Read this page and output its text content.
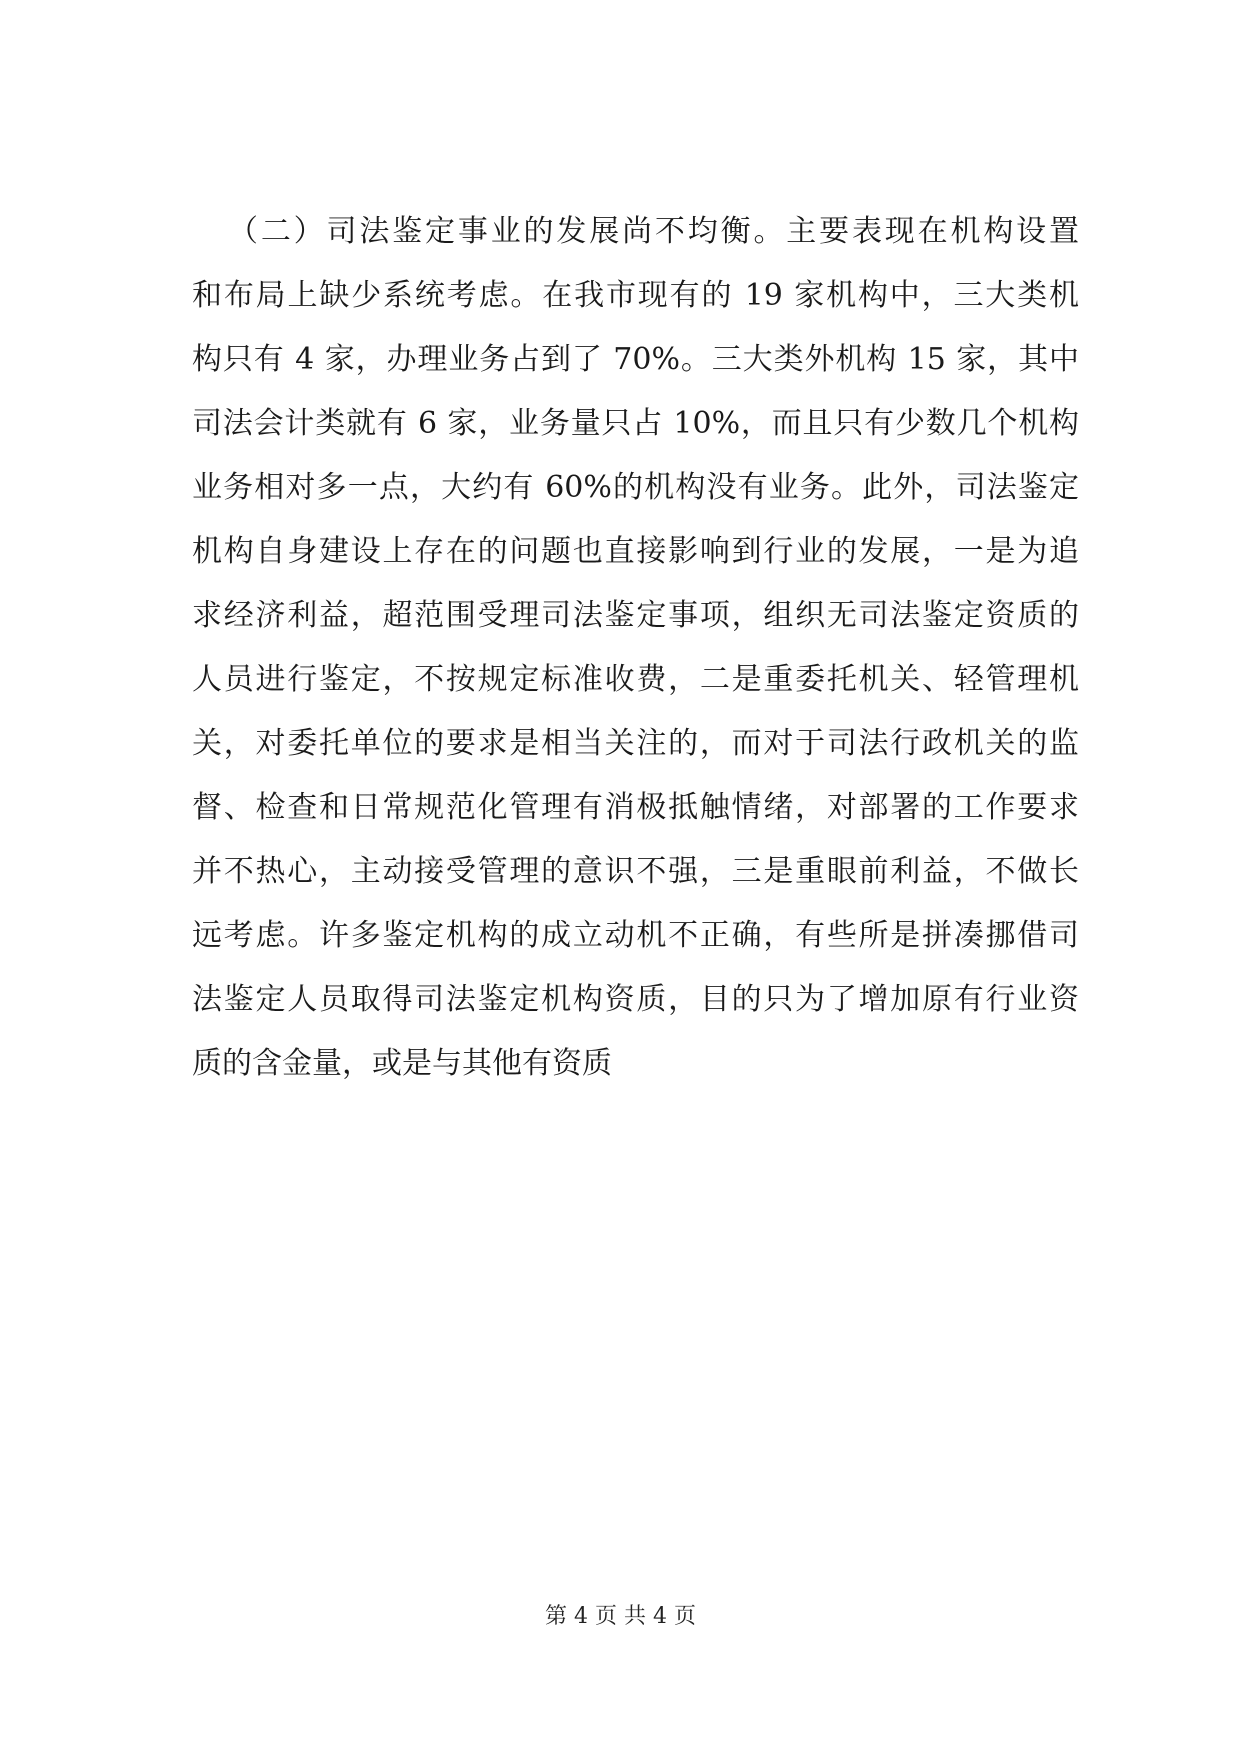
（二）司法鉴定事业的发展尚不均衡。主要表现在机构设置
和布局上缺少系统考虑。在我市现有的 19 家机构中，三大类机
构只有 4 家，办理业务占到了 70%。三大类外机构 15 家，其中
司法会计类就有 6 家，业务量只占 10%，而且只有少数几个机构
业务相对多一点，大约有 60%的机构没有业务。此外，司法鉴定
机构自身建设上存在的问题也直接影响到行业的发展，一是为追
求经济利益，超范围受理司法鉴定事项，组织无司法鉴定资质的
人员进行鉴定，不按规定标准收费，二是重委托机关、轻管理机
关，对委托单位的要求是相当关注的，而对于司法行政机关的监
督、检查和日常规范化管理有消极抵触情绪，对部署的工作要求
并不热心，主动接受管理的意识不强，三是重眼前利益，不做长
远考虑。许多鉴定机构的成立动机不正确，有些所是拼凑挪借司
法鉴定人员取得司法鉴定机构资质，目的只为了增加原有行业资
质的含金量，或是与其他有资质
第 4 页 共 4 页
